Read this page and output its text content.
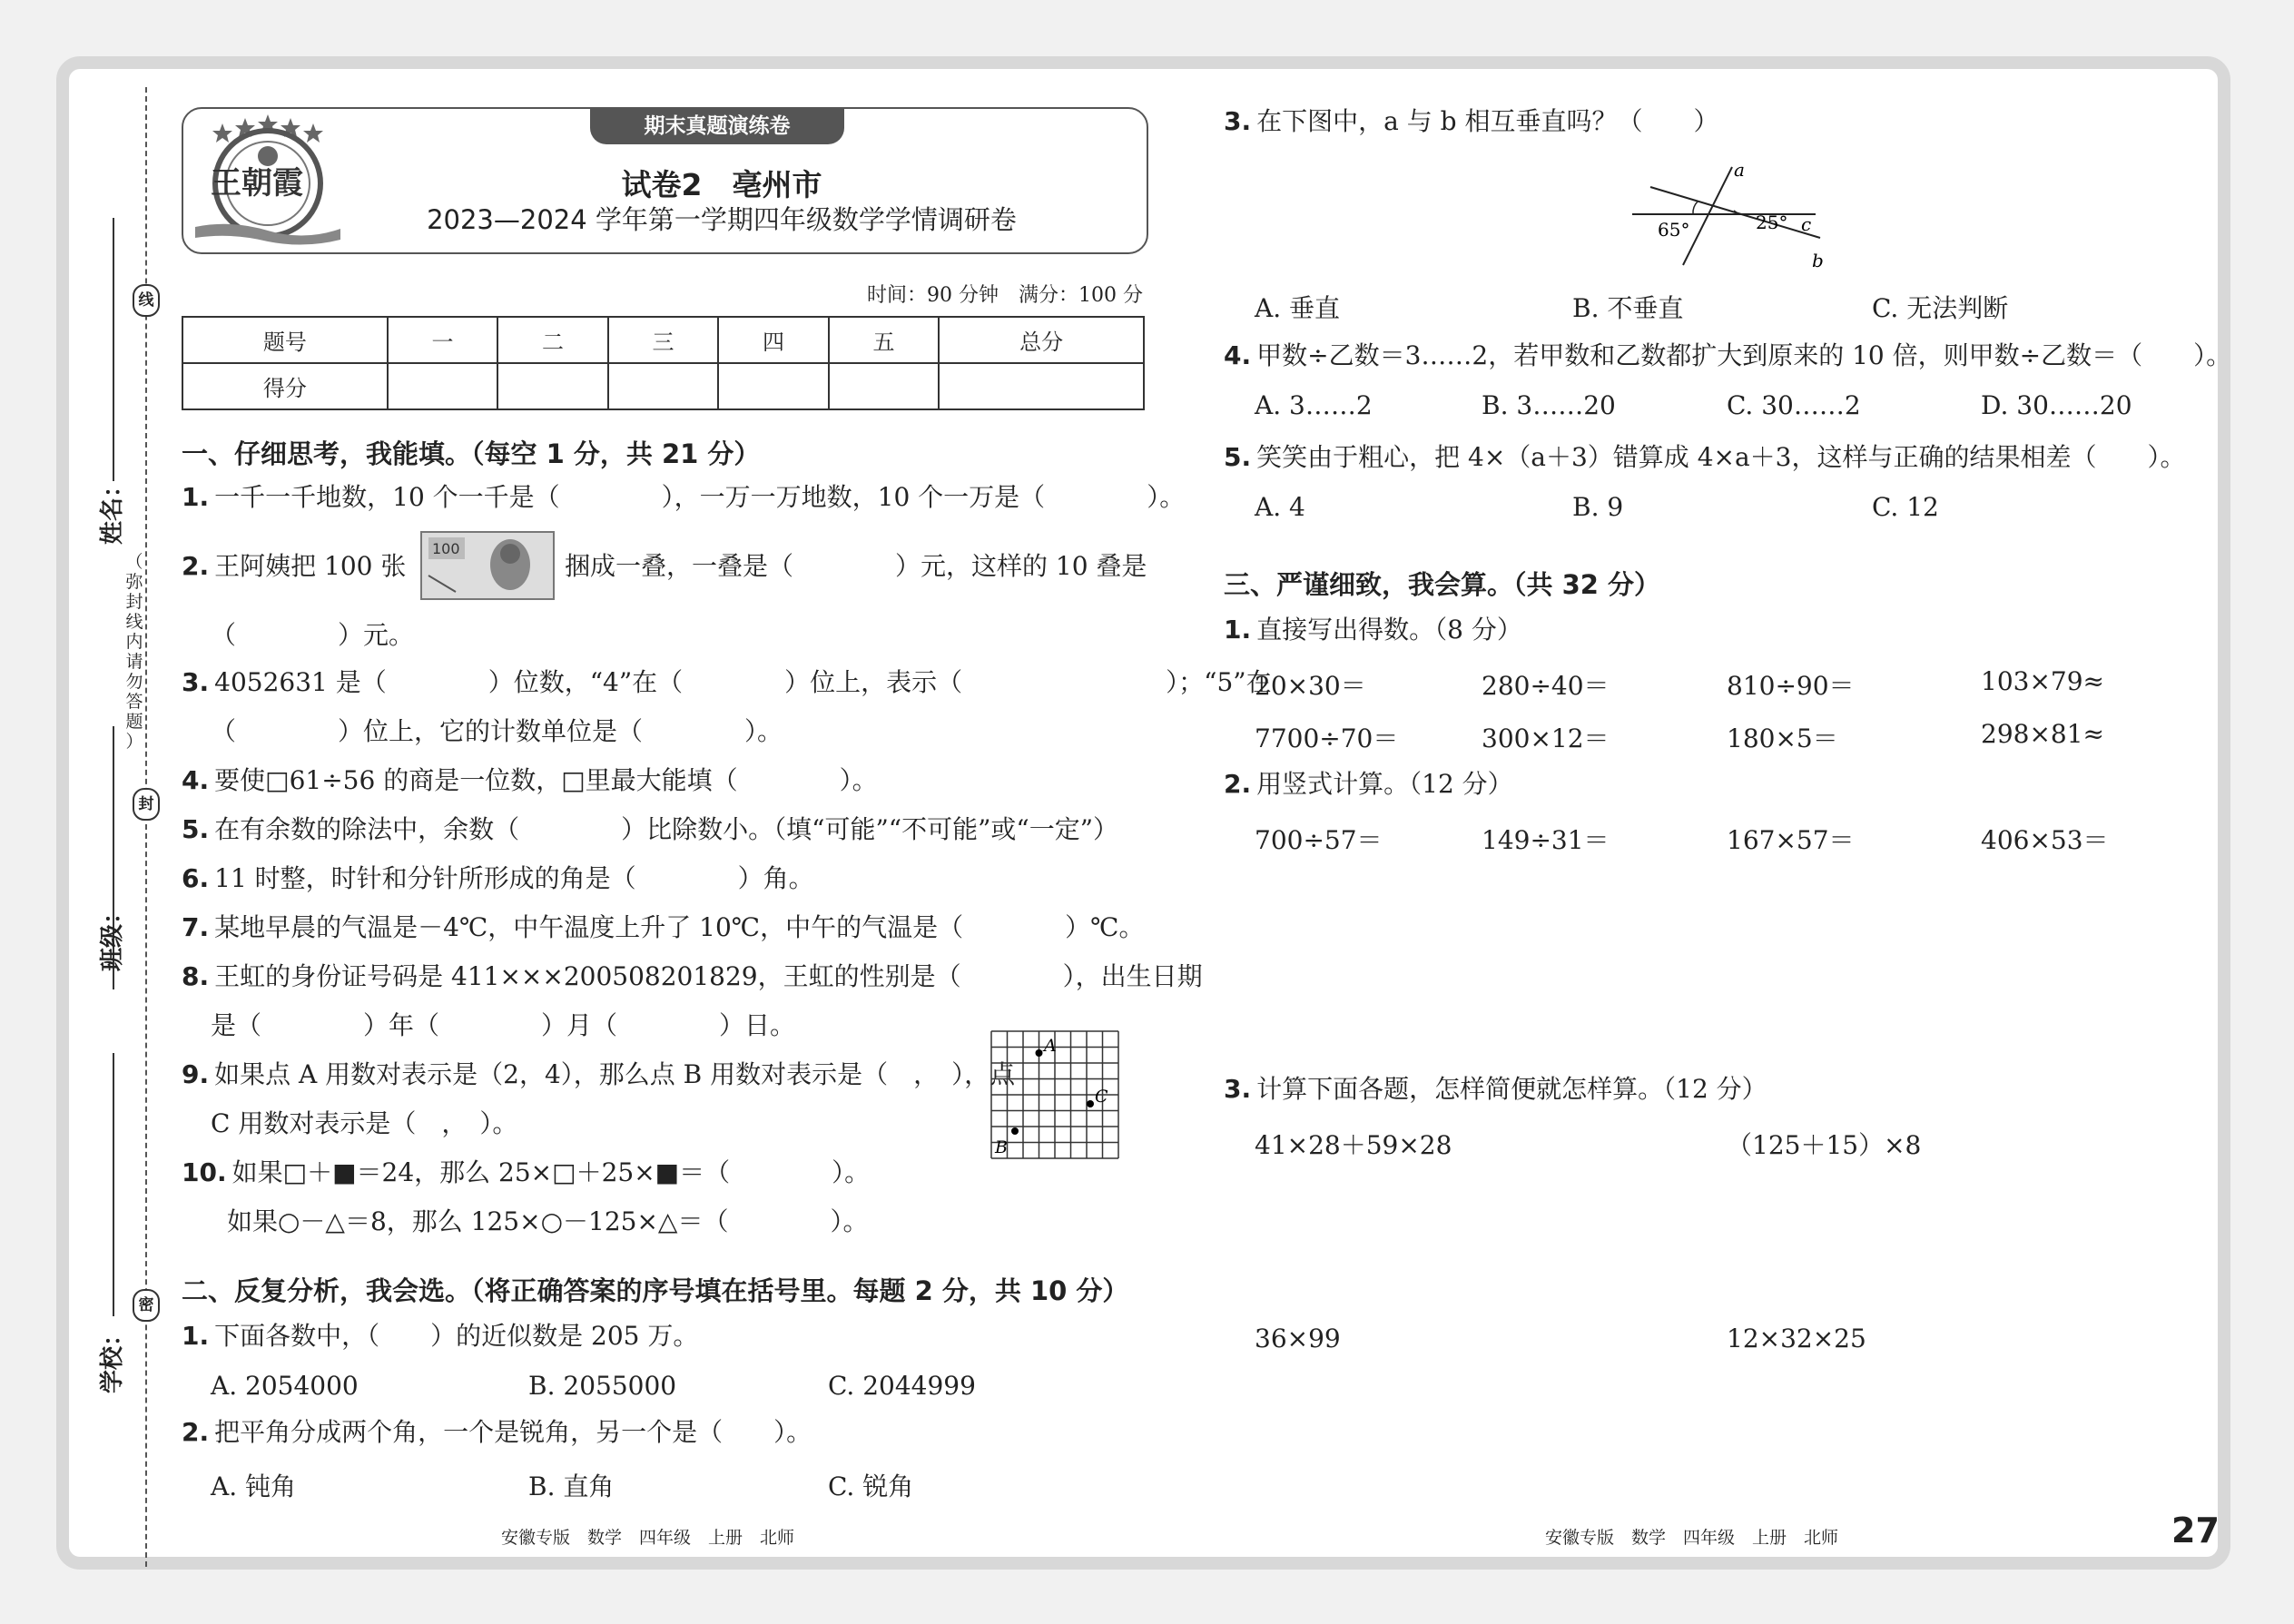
线
封
密
（ 弥 封 线 内 请 勿 答 题 ）
姓名：
班级：
学校：
期末真题演练卷
王朝霞	试卷2　亳州市
2023—2024 学年第一学期四年级数学学情调研卷
时间：90 分钟　满分：100 分
题号	一	二	三	四	五	总分
得分						
一、仔细思考，我能填。（每空 1 分，共 21 分）
1. 一千一千地数，10 个一千是（　　　　），一万一万地数，10 个一万是（　　　　）。
2. 王阿姨把 100 张
100
捆成一叠，一叠是（　　　　）元，这样的 10 叠是
（　　　　）元。
3. 4052631 是（　　　　）位数，“4”在（　　　　）位上，表示（　　　　　　　　）；“5”在
（　　　　）位上，它的计数单位是（　　　　）。
4. 要使□61÷56 的商是一位数，□里最大能填（　　　　）。
5. 在有余数的除法中，余数（　　　　）比除数小。（填“可能”“不可能”或“一定”）
6. 11 时整，时针和分针所形成的角是（　　　　）角。
7. 某地早晨的气温是－4℃，中午温度上升了 10℃，中午的气温是（　　　　）℃。
8. 王虹的身份证号码是 411×××200508201829，王虹的性别是（　　　　），出生日期
是（　　　　）年（　　　　）月（　　　　）日。
9. 如果点 A 用数对表示是（2，4），那么点 B 用数对表示是（　，　），点
C 用数对表示是（　，　）。
A
C
B
10. 如果□＋■＝24，那么 25×□＋25×■＝（　　　　）。
如果○－△＝8，那么 125×○－125×△＝（　　　　）。
二、反复分析，我会选。（将正确答案的序号填在括号里。每题 2 分，共 10 分）
1. 下面各数中，（　　）的近似数是 205 万。
A. 2054000	B. 2055000	C. 2044999
2. 把平角分成两个角，一个是锐角，另一个是（　　）。
A. 钝角	B. 直角	C. 锐角
安徽专版　数学　四年级　上册　北师
3. 在下图中，a 与 b 相互垂直吗？（　　）
a
b
c
65°	25°
A. 垂直	B. 不垂直	C. 无法判断
4. 甲数÷乙数＝3……2，若甲数和乙数都扩大到原来的 10 倍，则甲数÷乙数＝（　　）。
A. 3……2	B. 3……20	C. 30……2	D. 30……20
5. 笑笑由于粗心，把 4×（a＋3）错算成 4×a＋3，这样与正确的结果相差（　　）。
A. 4	B. 9	C. 12
三、严谨细致，我会算。（共 32 分）
1. 直接写出得数。（8 分）
20×30＝	280÷40＝	810÷90＝	103×79≈
7700÷70＝	300×12＝	180×5＝	298×81≈
2. 用竖式计算。（12 分）
700÷57＝	149÷31＝	167×57＝	406×53＝
3. 计算下面各题，怎样简便就怎样算。（12 分）
41×28＋59×28	（125＋15）×8
36×99	12×32×25
安徽专版　数学　四年级　上册　北师	27
